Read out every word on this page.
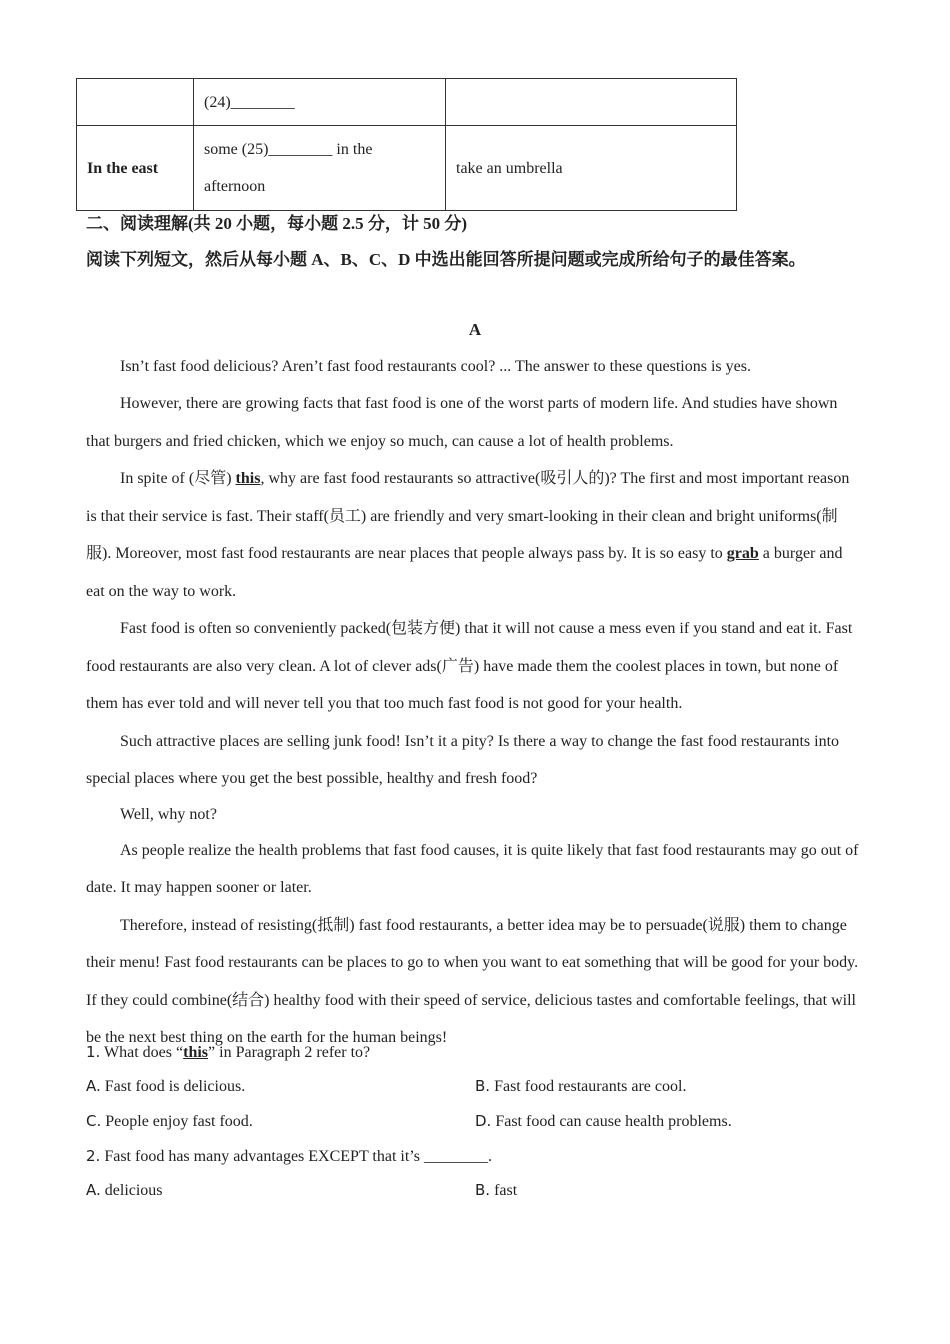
	(24)________	
In the east	some (25)________ in the afternoon	take an umbrella
二、阅读理解(共 20 小题，每小题 2.5 分，计 50 分)
阅读下列短文，然后从每小题 A、B、C、D 中选出能回答所提问题或完成所给句子的最佳答案。
A

Isn’t fast food delicious? Aren’t fast food restaurants cool? ... The answer to these questions is yes.

However, there are growing facts that fast food is one of the worst parts of modern life. And studies have shown that burgers and fried chicken, which we enjoy so much, can cause a lot of health problems.

In spite of (尽管) this, why are fast food restaurants so attractive(吸引人的)? The first and most important reason is that their service is fast. Their staff(员工) are friendly and very smart-looking in their clean and bright uniforms(制服). Moreover, most fast food restaurants are near places that people always pass by. It is so easy to grab a burger and eat on the way to work.

Fast food is often so conveniently packed(包装方便) that it will not cause a mess even if you stand and eat it. Fast food restaurants are also very clean. A lot of clever ads(广告) have made them the coolest places in town, but none of them has ever told and will never tell you that too much fast food is not good for your health.

Such attractive places are selling junk food! Isn’t it a pity? Is there a way to change the fast food restaurants into special places where you get the best possible, healthy and fresh food?

Well, why not?

As people realize the health problems that fast food causes, it is quite likely that fast food restaurants may go out of date. It may happen sooner or later.

Therefore, instead of resisting(抵制) fast food restaurants, a better idea may be to persuade(说服) them to change their menu! Fast food restaurants can be places to go to when you want to eat something that will be good for your body. If they could combine(结合) healthy food with their speed of service, delicious tastes and comfortable feelings, that will be the next best thing on the earth for the human beings!

1. What does “this” in Paragraph 2 refer to?
A. Fast food is delicious.	B. Fast food restaurants are cool.
C. People enjoy fast food.	D. Fast food can cause health problems.
2. Fast food has many advantages EXCEPT that it’s ________.
A. delicious	B. fast
